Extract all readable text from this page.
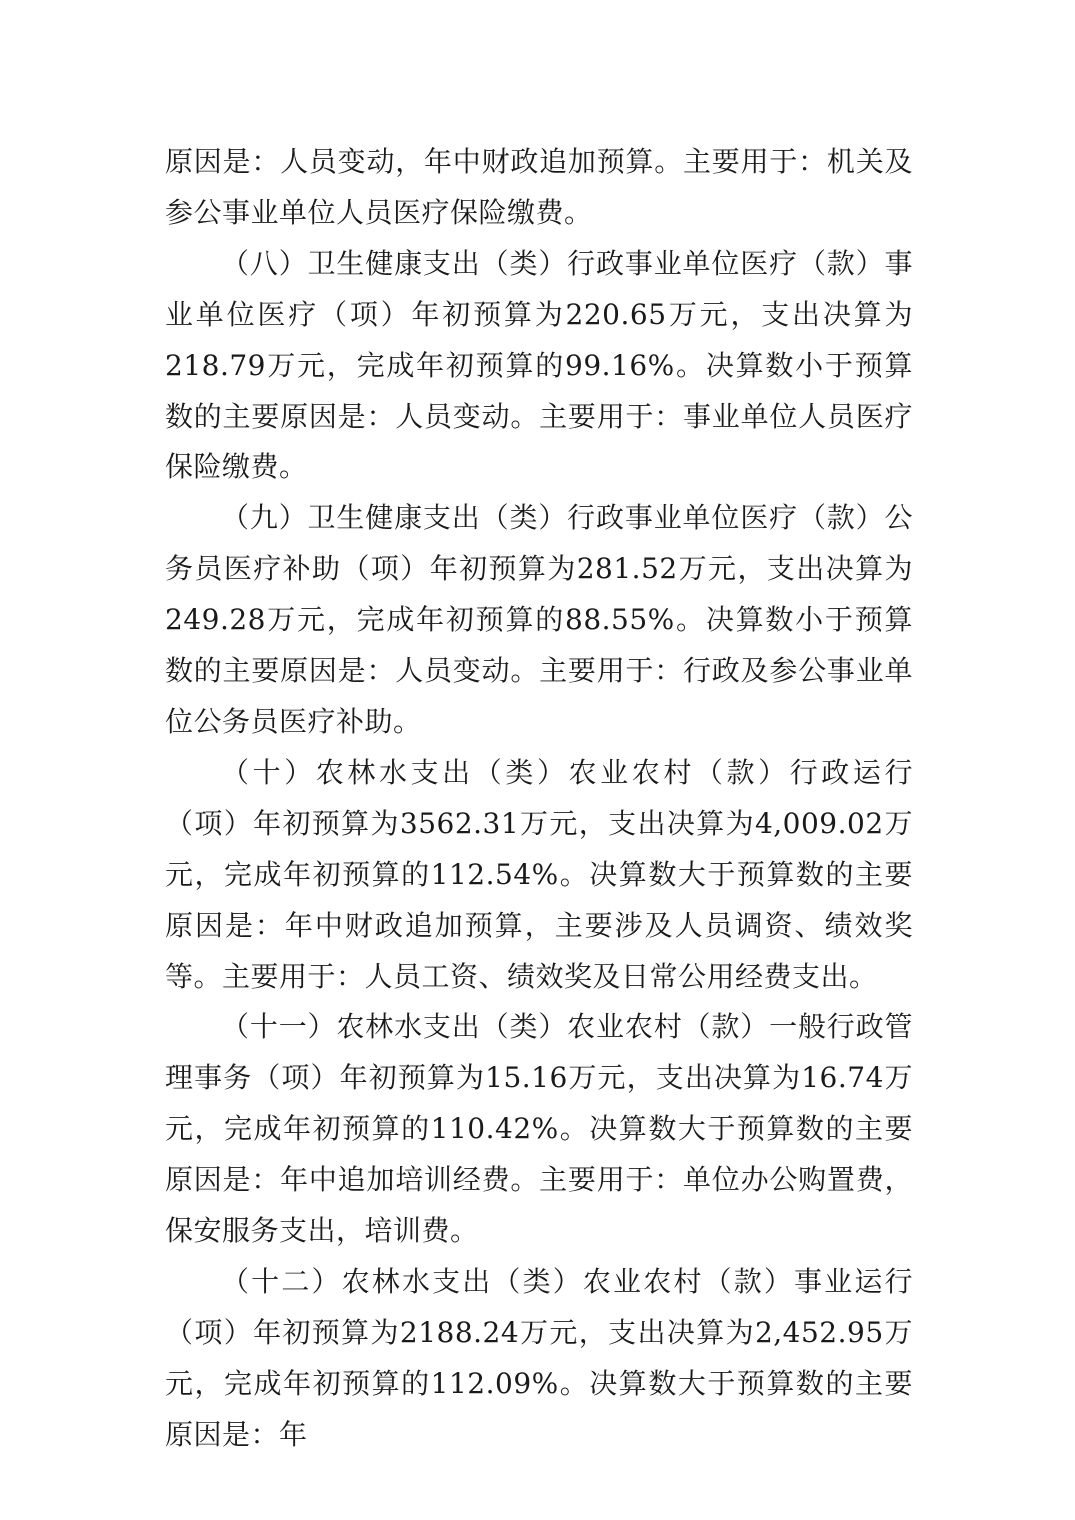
原因是：人员变动，年中财政追加预算。主要用于：机关及参公事业单位人员医疗保险缴费。

（八）卫生健康支出（类）行政事业单位医疗（款）事业单位医疗（项）年初预算为220.65万元，支出决算为218.79万元，完成年初预算的99.16%。决算数小于预算数的主要原因是：人员变动。主要用于：事业单位人员医疗保险缴费。

（九）卫生健康支出（类）行政事业单位医疗（款）公务员医疗补助（项）年初预算为281.52万元，支出决算为249.28万元，完成年初预算的88.55%。决算数小于预算数的主要原因是：人员变动。主要用于：行政及参公事业单位公务员医疗补助。

（十）农林水支出（类）农业农村（款）行政运行（项）年初预算为3562.31万元，支出决算为4,009.02万元，完成年初预算的112.54%。决算数大于预算数的主要原因是：年中财政追加预算，主要涉及人员调资、绩效奖等。主要用于：人员工资、绩效奖及日常公用经费支出。

（十一）农林水支出（类）农业农村（款）一般行政管理事务（项）年初预算为15.16万元，支出决算为16.74万元，完成年初预算的110.42%。决算数大于预算数的主要原因是：年中追加培训经费。主要用于：单位办公购置费，保安服务支出，培训费。

（十二）农林水支出（类）农业农村（款）事业运行（项）年初预算为2188.24万元，支出决算为2,452.95万元，完成年初预算的112.09%。决算数大于预算数的主要原因是：年
